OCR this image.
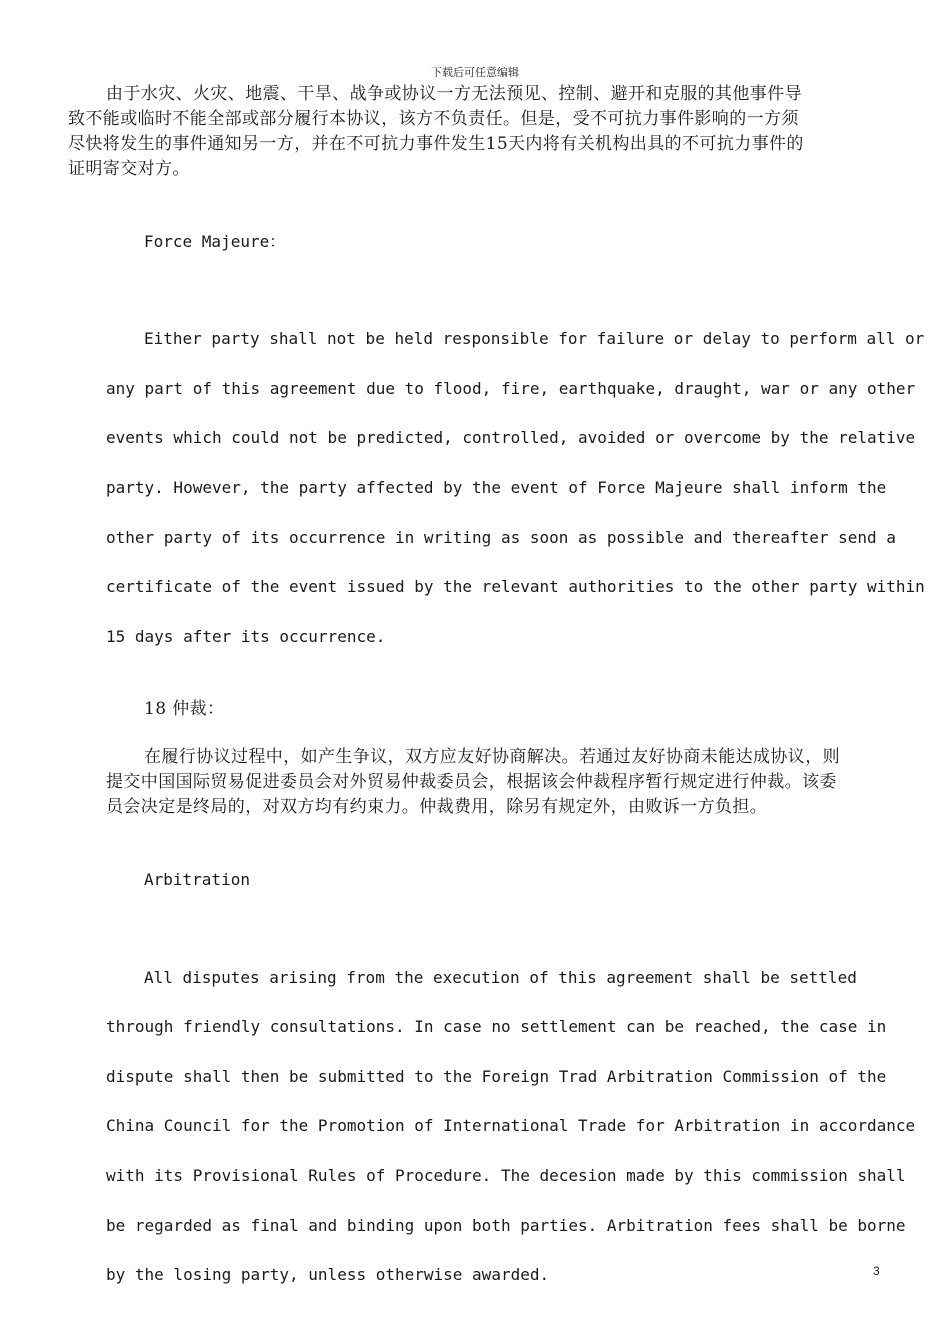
下载后可任意编辑
由于水灾、火灾、地震、干旱、战争或协议一方无法预见、控制、避开和克服的其他事件导
致不能或临时不能全部或部分履行本协议，该方不负责任。但是，受不可抗力事件影响的一方须
尽快将发生的事件通知另一方，并在不可抗力事件发生15天内将有关机构出具的不可抗力事件的
证明寄交对方。

Force Majeure：

Either party shall not be held responsible for failure or delay to perform all or

any part of this agreement due to flood, fire, earthquake, draught, war or any other

events which could not be predicted, controlled, avoided or overcome by the relative

party. However, the party affected by the event of Force Majeure shall inform the

other party of its occurrence in writing as soon as possible and thereafter send a

certificate of the event issued by the relevant authorities to the other party within

15 days after its occurrence.

18 仲裁：
在履行协议过程中，如产生争议，双方应友好协商解决。若通过友好协商未能达成协议，则
提交中国国际贸易促进委员会对外贸易仲裁委员会，根据该会仲裁程序暂行规定进行仲裁。该委
员会决定是终局的，对双方均有约束力。仲裁费用，除另有规定外，由败诉一方负担。

Arbitration

All disputes arising from the execution of this agreement shall be settled

through friendly consultations. In case no settlement can be reached, the case in

dispute shall then be submitted to the Foreign Trad Arbitration Commission of the

China Council for the Promotion of International Trade for Arbitration in accordance

with its Provisional Rules of Procedure. The decesion made by this commission shall

be regarded as final and binding upon both parties. Arbitration fees shall be borne

by the losing party, unless otherwise awarded.	3
